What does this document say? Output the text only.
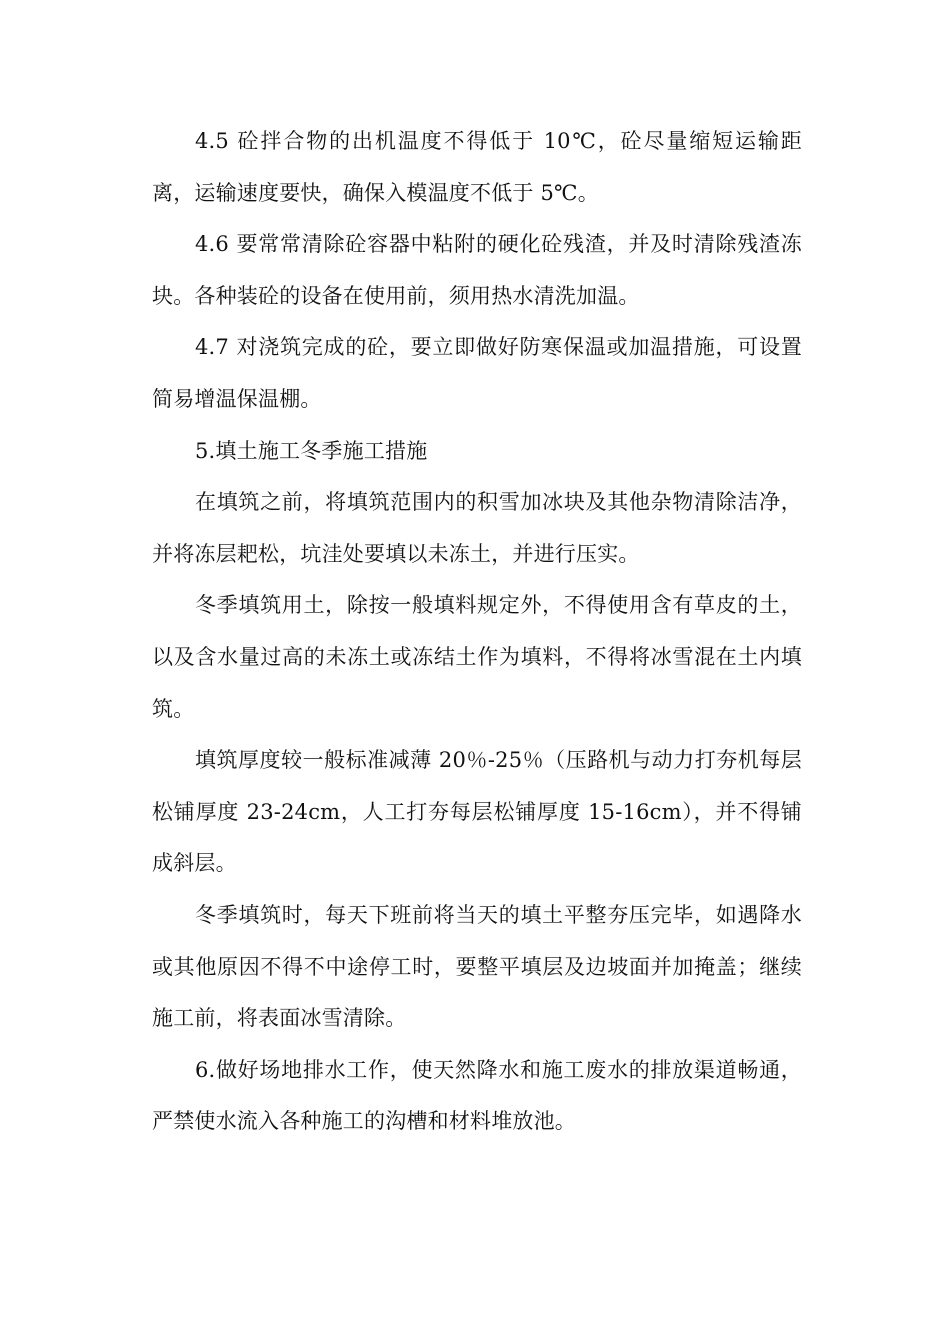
4.5 砼拌合物的出机温度不得低于 10℃，砼尽量缩短运输距离，运输速度要快，确保入模温度不低于 5℃。

4.6 要常常清除砼容器中粘附的硬化砼残渣，并及时清除残渣冻块。各种装砼的设备在使用前，须用热水清洗加温。

4.7 对浇筑完成的砼，要立即做好防寒保温或加温措施，可设置简易增温保温棚。

5.填土施工冬季施工措施

在填筑之前，将填筑范围内的积雪加冰块及其他杂物清除洁净，并将冻层耙松，坑洼处要填以未冻土，并进行压实。

冬季填筑用土，除按一般填料规定外，不得使用含有草皮的土，以及含水量过高的未冻土或冻结土作为填料，不得将冰雪混在土内填筑。

填筑厚度较一般标准减薄 20％-25％（压路机与动力打夯机每层松铺厚度 23-24cm，人工打夯每层松铺厚度 15-16cm），并不得铺成斜层。

冬季填筑时，每天下班前将当天的填土平整夯压完毕，如遇降水或其他原因不得不中途停工时，要整平填层及边坡面并加掩盖；继续施工前，将表面冰雪清除。

6.做好场地排水工作，使天然降水和施工废水的排放渠道畅通，严禁使水流入各种施工的沟槽和材料堆放池。
